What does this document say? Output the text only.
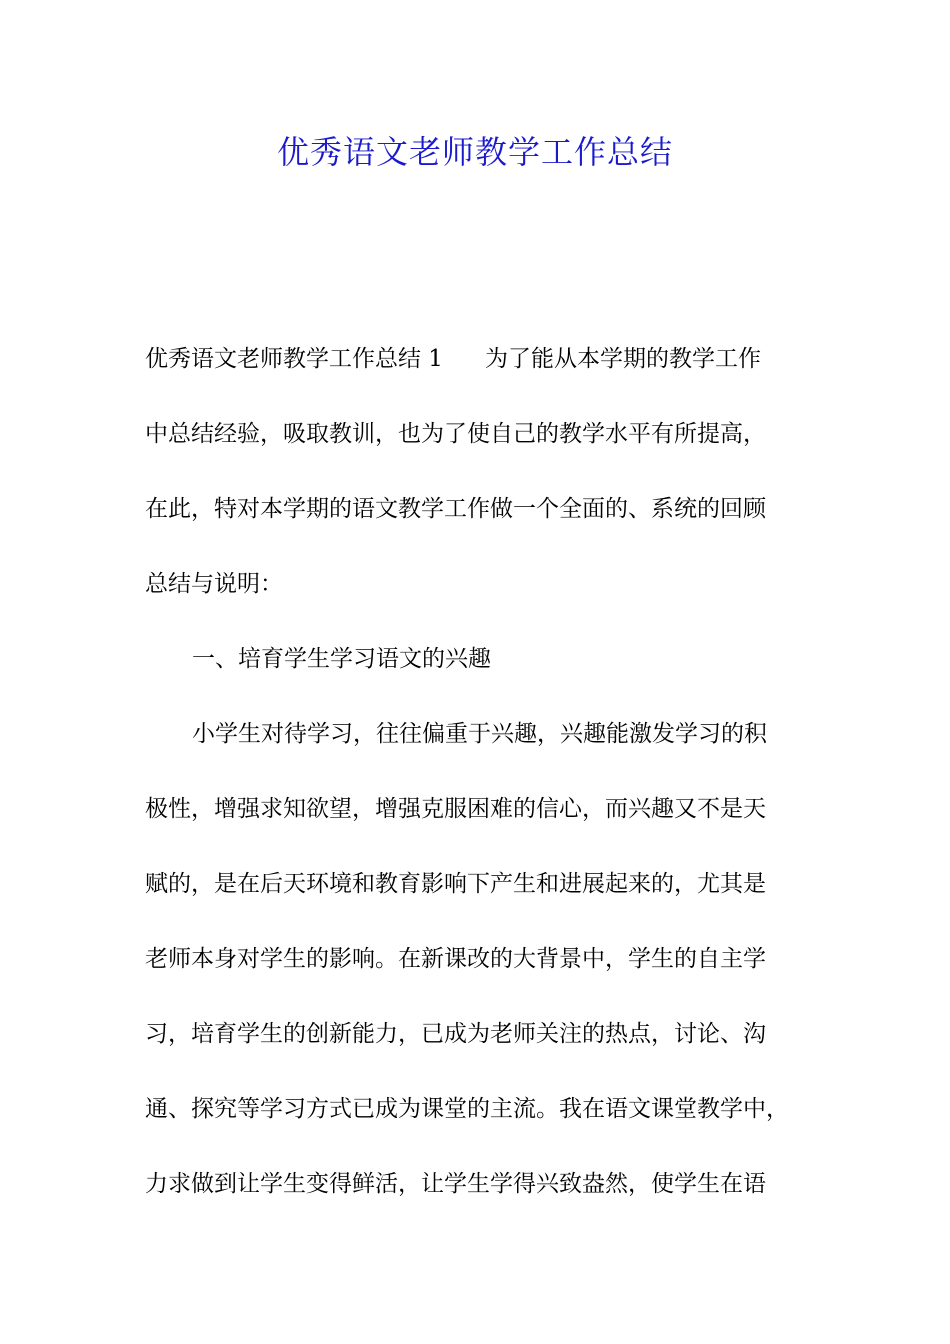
优秀语文老师教学工作总结
优秀语文老师教学工作总结 1 为了能从本学期的教学工作
中总结经验，吸取教训，也为了使自己的教学水平有所提高，
在此，特对本学期的语文教学工作做一个全面的、系统的回顾
总结与说明：
一、培育学生学习语文的兴趣
小学生对待学习，往往偏重于兴趣，兴趣能激发学习的积
极性，增强求知欲望，增强克服困难的信心，而兴趣又不是天
赋的，是在后天环境和教育影响下产生和进展起来的，尤其是
老师本身对学生的影响。在新课改的大背景中，学生的自主学
习，培育学生的创新能力，已成为老师关注的热点，讨论、沟
通、探究等学习方式已成为课堂的主流。我在语文课堂教学中，
力求做到让学生变得鲜活，让学生学得兴致盎然，使学生在语
